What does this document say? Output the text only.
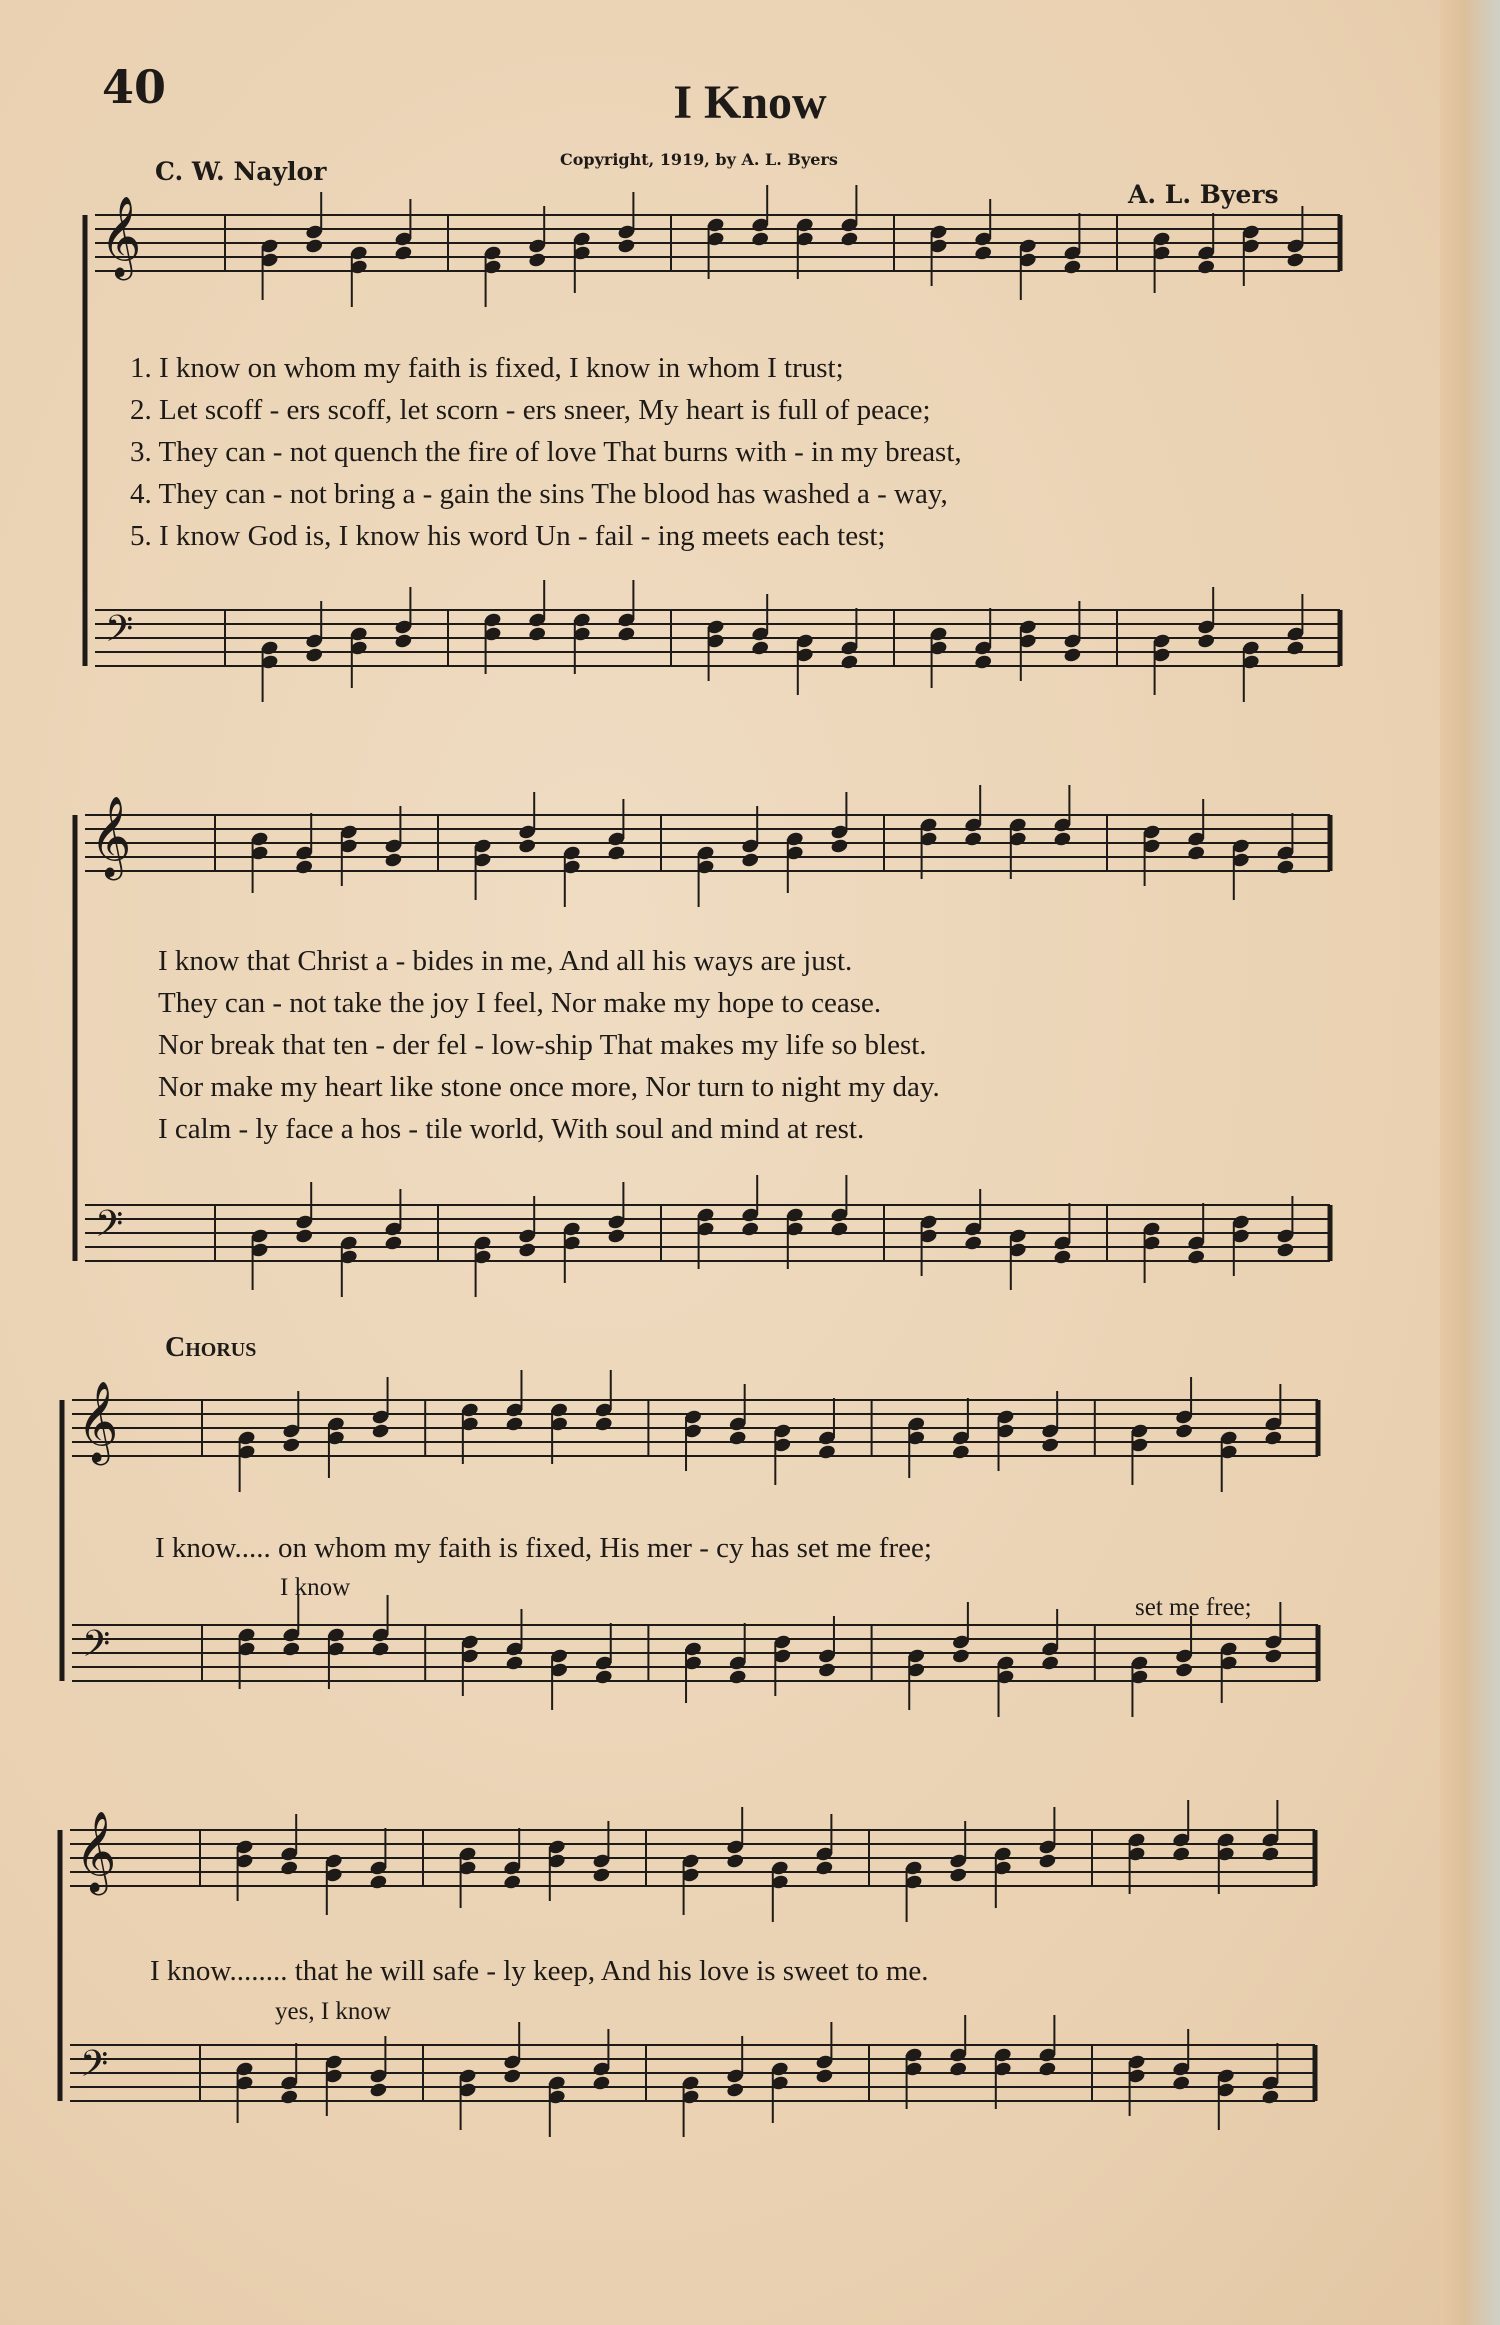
40	I Know
C. W. Naylor	Copyright, 1919, by A. L. Byers
A. L. Byers
𝄞
𝄢
𝄞
𝄢
𝄞
𝄢
𝄞
𝄢
1. I know on whom my faith is fixed, I know in whom I trust;
2. Let scoff - ers scoff, let scorn - ers sneer, My heart is full of peace;
3. They can - not quench the fire of love That burns with - in my breast,
4. They can - not bring a - gain the sins The blood has washed a - way,
5. I know God is, I know his word Un - fail - ing meets each test;
I know that Christ a - bides in me, And all his ways are just.
They can - not take the joy I feel, Nor make my hope to cease.
Nor break that ten - der fel - low-ship That makes my life so blest.
Nor make my heart like stone once more, Nor turn to night my day.
I calm - ly face a hos - tile world, With soul and mind at rest.
Chorus
I know..... on whom my faith is fixed, His mer - cy has set me free;
I know
set me free;
I know........ that he will safe - ly keep, And his love is sweet to me.
yes, I know
